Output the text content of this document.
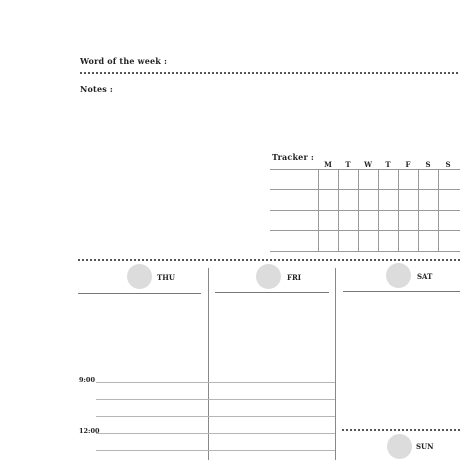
Word of the week :
Notes :
Tracker :
M	T	W	T	F	S	S
THU	FRI	SAT
9:00
12:00
SUN
